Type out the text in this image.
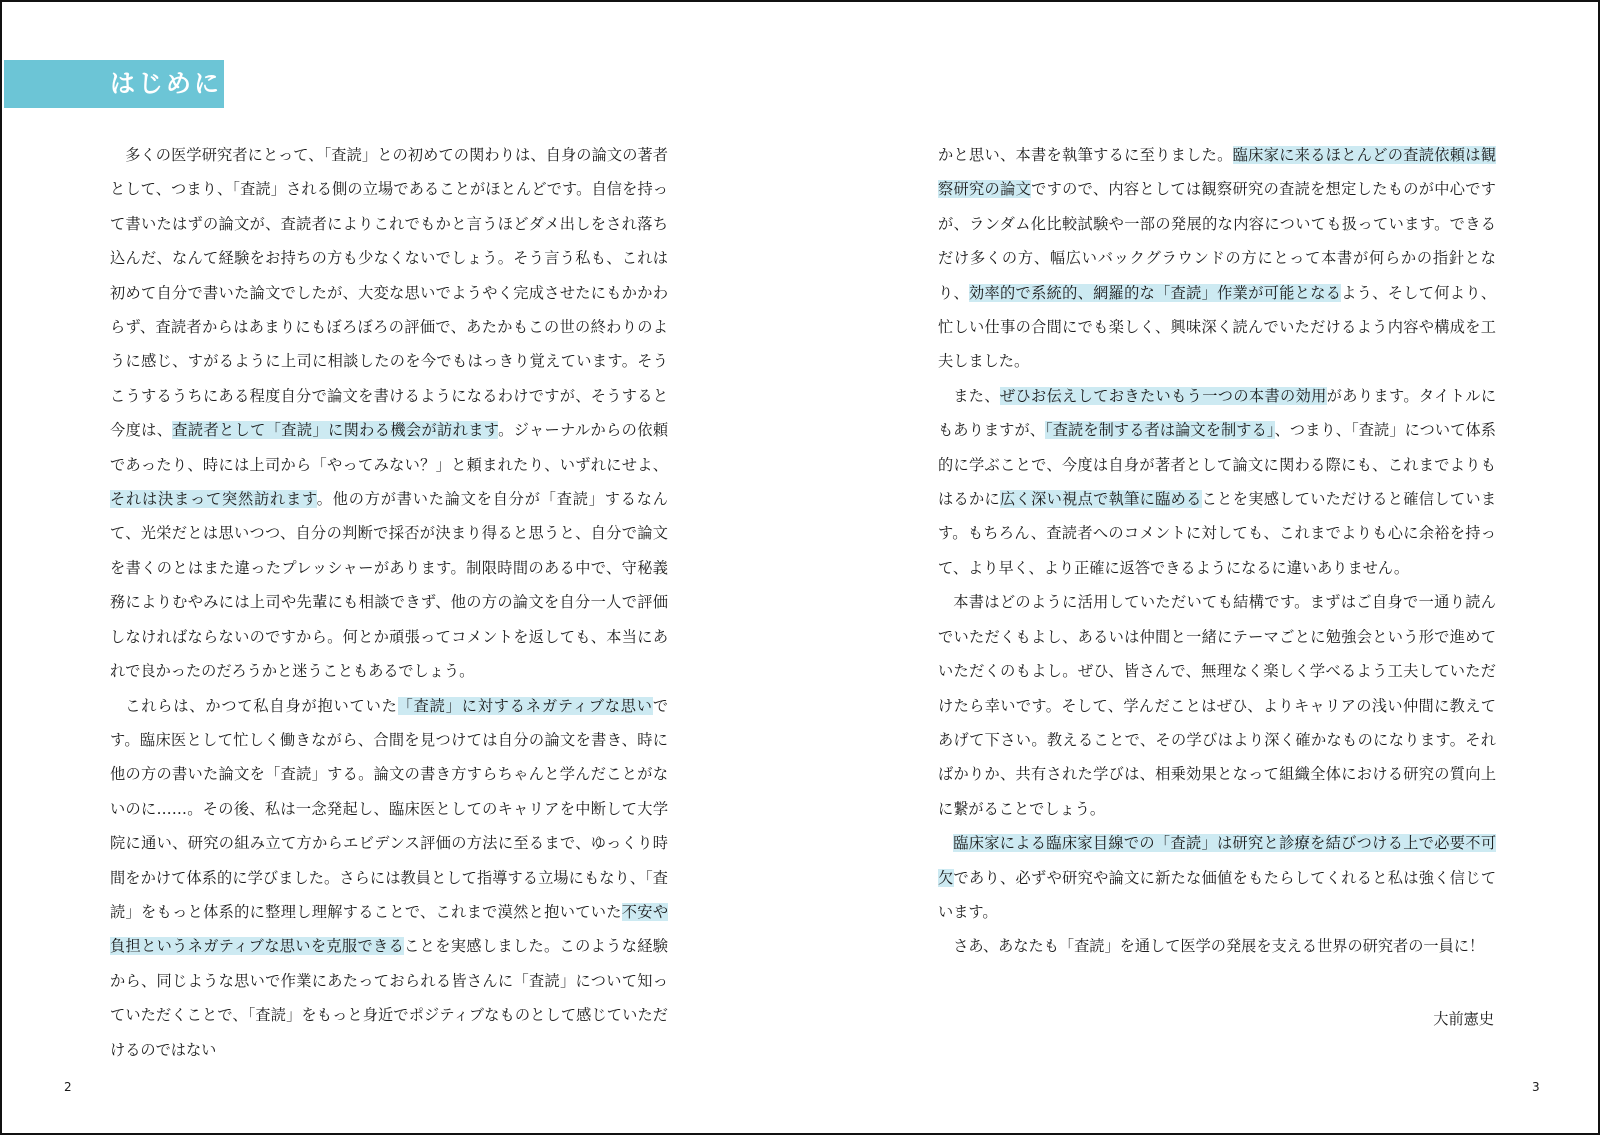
はじめに

多くの医学研究者にとって、「査読」との初めての関わりは、自身の論文の著者として、つまり、「査読」される側の立場であることがほとんどです。自信を持って書いたはずの論文が、査読者によりこれでもかと言うほどダメ出しをされ落ち込んだ、なんて経験をお持ちの方も少なくないでしょう。そう言う私も、これは初めて自分で書いた論文でしたが、大変な思いでようやく完成させたにもかかわらず、査読者からはあまりにもぼろぼろの評価で、あたかもこの世の終わりのように感じ、すがるように上司に相談したのを今でもはっきり覚えています。そうこうするうちにある程度自分で論文を書けるようになるわけですが、そうすると今度は、査読者として「査読」に関わる機会が訪れます。ジャーナルからの依頼であったり、時には上司から「やってみない？」と頼まれたり、いずれにせよ、それは決まって突然訪れます。他の方が書いた論文を自分が「査読」するなんて、光栄だとは思いつつ、自分の判断で採否が決まり得ると思うと、自分で論文を書くのとはまた違ったプレッシャーがあります。制限時間のある中で、守秘義務によりむやみには上司や先輩にも相談できず、他の方の論文を自分一人で評価しなければならないのですから。何とか頑張ってコメントを返しても、本当にあれで良かったのだろうかと迷うこともあるでしょう。

これらは、かつて私自身が抱いていた「査読」に対するネガティブな思いです。臨床医として忙しく働きながら、合間を見つけては自分の論文を書き、時に他の方の書いた論文を「査読」する。論文の書き方すらちゃんと学んだことがないのに……。その後、私は一念発起し、臨床医としてのキャリアを中断して大学院に通い、研究の組み立て方からエビデンス評価の方法に至るまで、ゆっくり時間をかけて体系的に学びました。さらには教員として指導する立場にもなり、「査読」をもっと体系的に整理し理解することで、これまで漠然と抱いていた不安や負担というネガティブな思いを克服できることを実感しました。このような経験から、同じような思いで作業にあたっておられる皆さんに「査読」について知っていただくことで、「査読」をもっと身近でポジティブなものとして感じていただけるのではない

かと思い、本書を執筆するに至りました。臨床家に来るほとんどの査読依頼は観察研究の論文ですので、内容としては観察研究の査読を想定したものが中心ですが、ランダム化比較試験や一部の発展的な内容についても扱っています。できるだけ多くの方、幅広いバックグラウンドの方にとって本書が何らかの指針となり、効率的で系統的、網羅的な「査読」作業が可能となるよう、そして何より、忙しい仕事の合間にでも楽しく、興味深く読んでいただけるよう内容や構成を工夫しました。

また、ぜひお伝えしておきたいもう一つの本書の効用があります。タイトルにもありますが、「査読を制する者は論文を制する」、つまり、「査読」について体系的に学ぶことで、今度は自身が著者として論文に関わる際にも、これまでよりもはるかに広く深い視点で執筆に臨めることを実感していただけると確信しています。もちろん、査読者へのコメントに対しても、これまでよりも心に余裕を持って、より早く、より正確に返答できるようになるに違いありません。

本書はどのように活用していただいても結構です。まずはご自身で一通り読んでいただくもよし、あるいは仲間と一緒にテーマごとに勉強会という形で進めていただくのもよし。ぜひ、皆さんで、無理なく楽しく学べるよう工夫していただけたら幸いです。そして、学んだことはぜひ、よりキャリアの浅い仲間に教えてあげて下さい。教えることで、その学びはより深く確かなものになります。そればかりか、共有された学びは、相乗効果となって組織全体における研究の質向上に繋がることでしょう。

臨床家による臨床家目線での「査読」は研究と診療を結びつける上で必要不可欠であり、必ずや研究や論文に新たな価値をもたらしてくれると私は強く信じています。

さあ、あなたも「査読」を通して医学の発展を支える世界の研究者の一員に！

大前憲史
2	3
